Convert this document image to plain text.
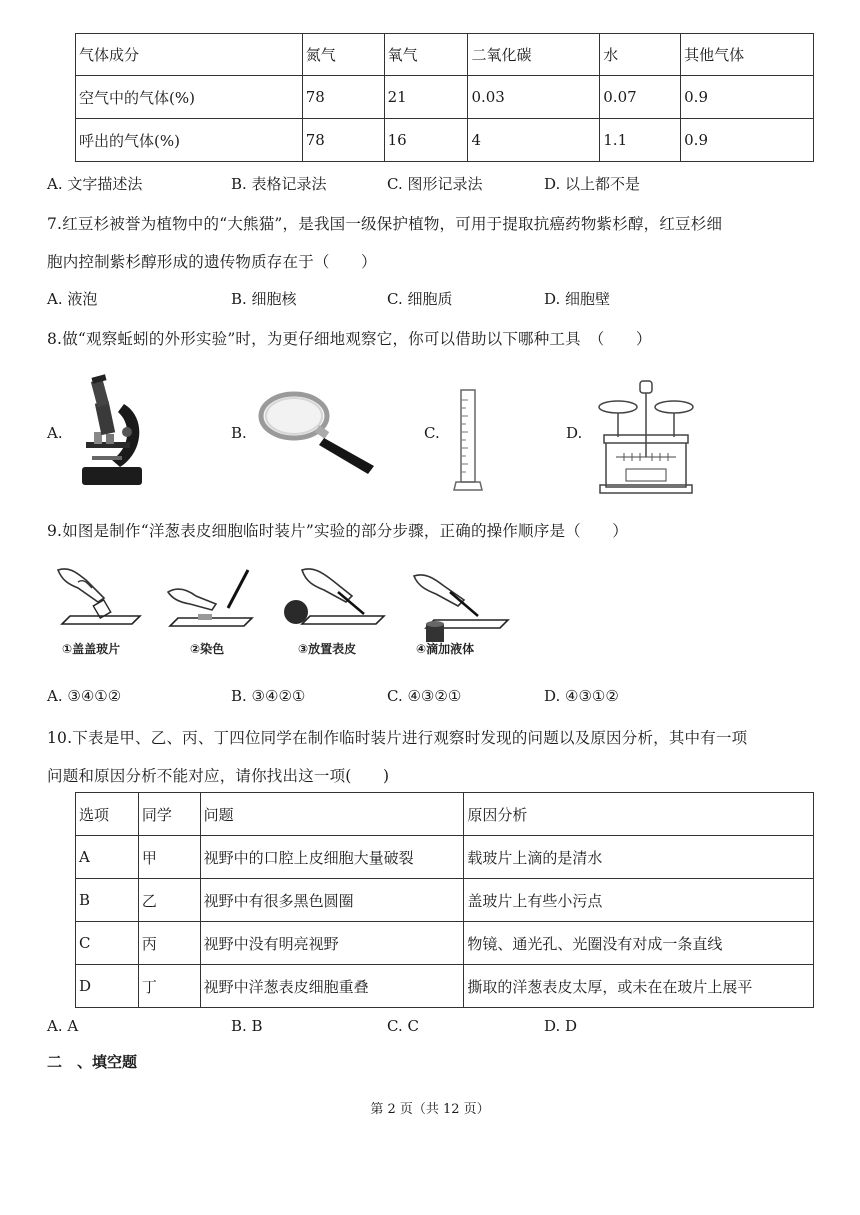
气体成分	氮气	氧气	二氧化碳	水	其他气体
空气中的气体(%)	78	21	0.03	0.07	0.9
呼出的气体(%)	78	16	4	1.1	0.9
A. 文字描述法	B. 表格记录法	C. 图形记录法	D. 以上都不是
7.红豆杉被誉为植物中的“大熊猫”，是我国一级保护植物，可用于提取抗癌药物紫杉醇，红豆杉细
胞内控制紫杉醇形成的遗传物质存在于（　　）
A. 液泡	B. 细胞核	C. 细胞质	D. 细胞壁
8.做“观察蚯蚓的外形实验”时，为更仔细地观察它，你可以借助以下哪种工具　（　　）
A.	B.	C.	D.
9.如图是制作“洋葱表皮细胞临时装片”实验的部分步骤，正确的操作顺序是（　　）
①盖盖玻片	②染色	③放置表皮	④滴加液体
A. ③④①②	B. ③④②①	C. ④③②①	D. ④③①②
10.下表是甲、乙、丙、丁四位同学在制作临时装片进行观察时发现的问题以及原因分析，其中有一项
问题和原因分析不能对应，请你找出这一项(　　)
选项	同学	问题	原因分析
A	甲	视野中的口腔上皮细胞大量破裂	载玻片上滴的是清水
B	乙	视野中有很多黑色圆圈	盖玻片上有些小污点
C	丙	视野中没有明亮视野	物镜、通光孔、光圈没有对成一条直线
D	丁	视野中洋葱表皮细胞重叠	撕取的洋葱表皮太厚，或未在在玻片上展平
A. A	B. B	C. C	D. D
二　、填空题
第 2 页（共 12 页）
